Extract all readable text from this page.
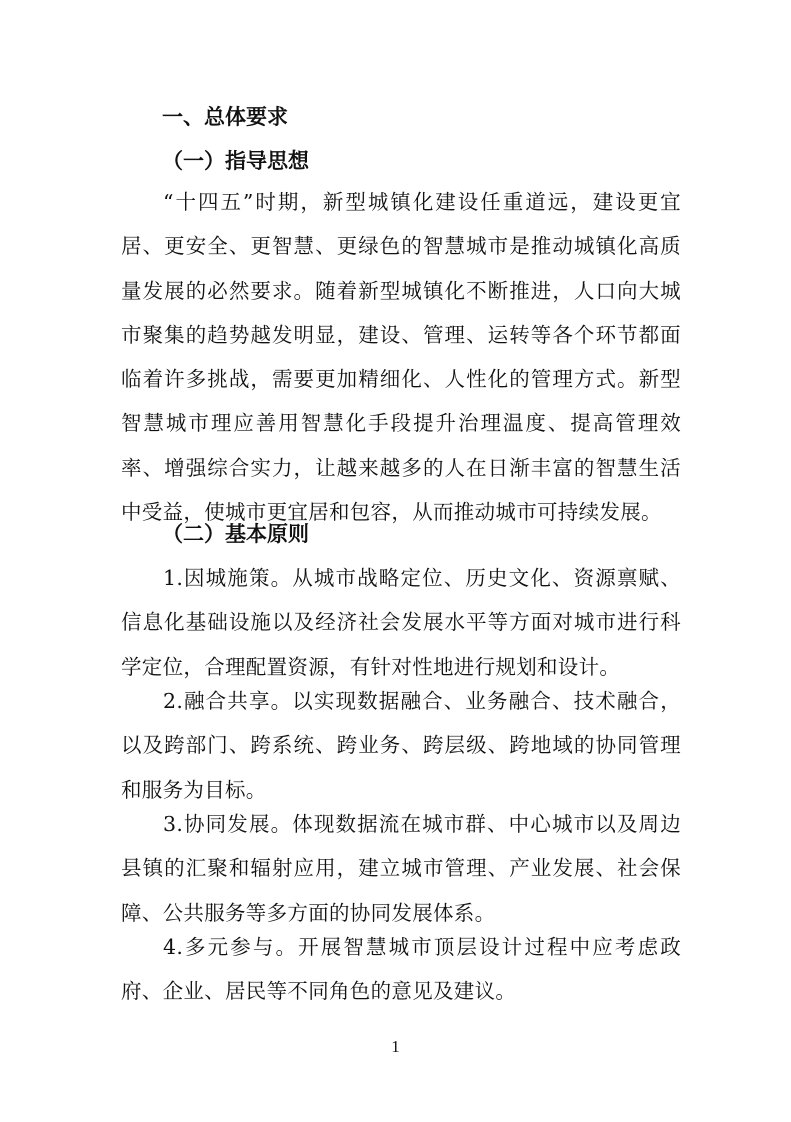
一、总体要求
（一）指导思想

“十四五”时期，新型城镇化建设任重道远，建设更宜居、更安全、更智慧、更绿色的智慧城市是推动城镇化高质量发展的必然要求。随着新型城镇化不断推进，人口向大城市聚集的趋势越发明显，建设、管理、运转等各个环节都面临着许多挑战，需要更加精细化、人性化的管理方式。新型智慧城市理应善用智慧化手段提升治理温度、提高管理效率、增强综合实力，让越来越多的人在日渐丰富的智慧生活中受益，使城市更宜居和包容，从而推动城市可持续发展。

（二）基本原则

1.因城施策。从城市战略定位、历史文化、资源禀赋、信息化基础设施以及经济社会发展水平等方面对城市进行科学定位，合理配置资源，有针对性地进行规划和设计。

2.融合共享。以实现数据融合、业务融合、技术融合，以及跨部门、跨系统、跨业务、跨层级、跨地域的协同管理和服务为目标。

3.协同发展。体现数据流在城市群、中心城市以及周边县镇的汇聚和辐射应用，建立城市管理、产业发展、社会保障、公共服务等多方面的协同发展体系。

4.多元参与。开展智慧城市顶层设计过程中应考虑政府、企业、居民等不同角色的意见及建议。

1
